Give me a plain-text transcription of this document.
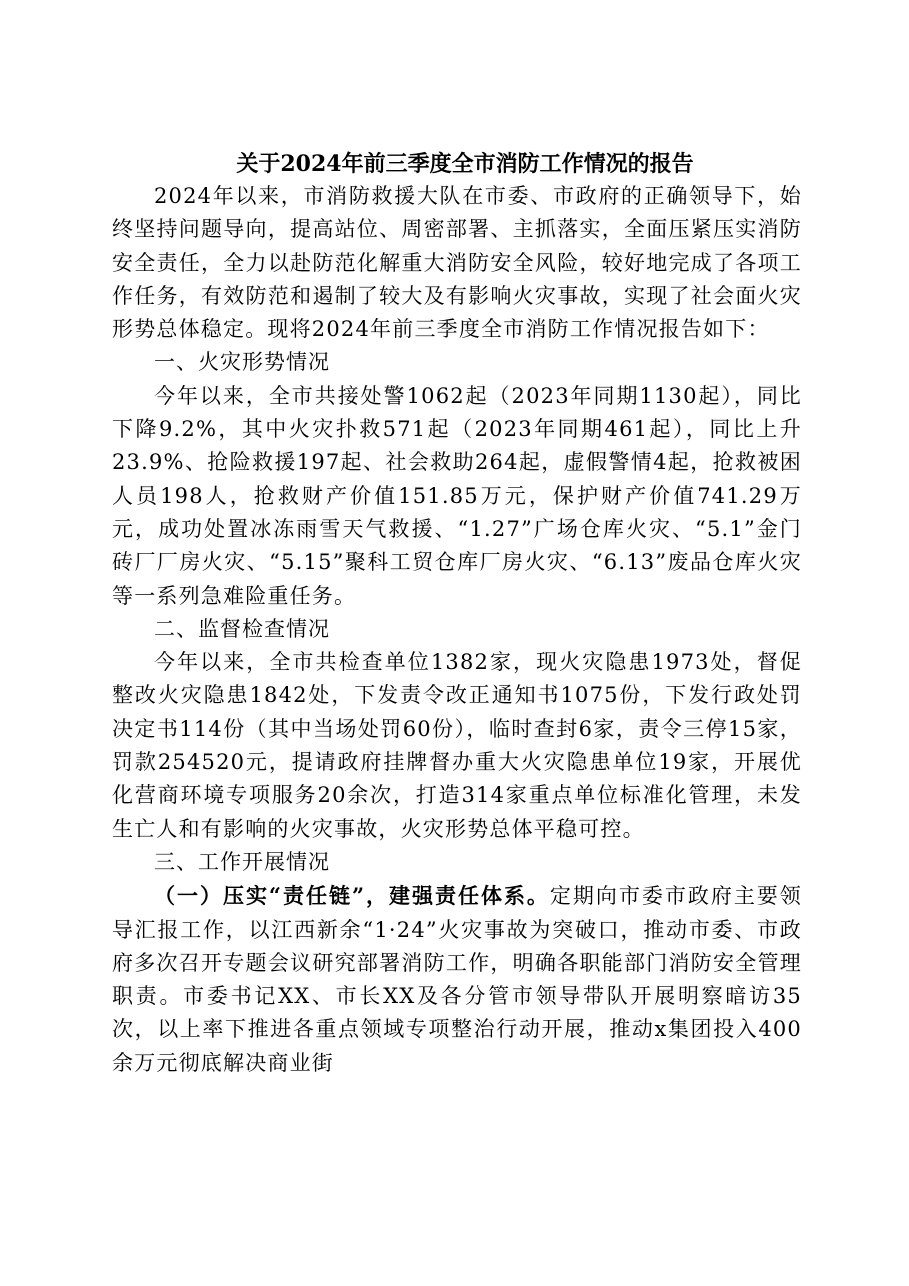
关于2024年前三季度全市消防工作情况的报告

2024年以来，市消防救援大队在市委、市政府的正确领导下，始终坚持问题导向，提高站位、周密部署、主抓落实，全面压紧压实消防安全责任，全力以赴防范化解重大消防安全风险，较好地完成了各项工作任务，有效防范和遏制了较大及有影响火灾事故，实现了社会面火灾形势总体稳定。现将2024年前三季度全市消防工作情况报告如下：

一、火灾形势情况

今年以来，全市共接处警1062起（2023年同期1130起），同比下降9.2%，其中火灾扑救571起（2023年同期461起），同比上升23.9%、抢险救援197起、社会救助264起，虚假警情4起，抢救被困人员198人，抢救财产价值151.85万元，保护财产价值741.29万元，成功处置冰冻雨雪天气救援、“1.27”广场仓库火灾、“5.1”金门砖厂厂房火灾、“5.15”聚科工贸仓库厂房火灾、“6.13”废品仓库火灾等一系列急难险重任务。

二、监督检查情况

今年以来，全市共检查单位1382家，现火灾隐患1973处，督促整改火灾隐患1842处，下发责令改正通知书1075份，下发行政处罚决定书114份（其中当场处罚60份），临时查封6家，责令三停15家，罚款254520元，提请政府挂牌督办重大火灾隐患单位19家，开展优化营商环境专项服务20余次，打造314家重点单位标准化管理，未发生亡人和有影响的火灾事故，火灾形势总体平稳可控。

三、工作开展情况

（一）压实“责任链”，建强责任体系。定期向市委市政府主要领导汇报工作，以江西新余“1·24”火灾事故为突破口，推动市委、市政府多次召开专题会议研究部署消防工作，明确各职能部门消防安全管理职责。市委书记XX、市长XX及各分管市领导带队开展明察暗访35次，以上率下推进各重点领域专项整治行动开展，推动x集团投入400余万元彻底解决商业街
